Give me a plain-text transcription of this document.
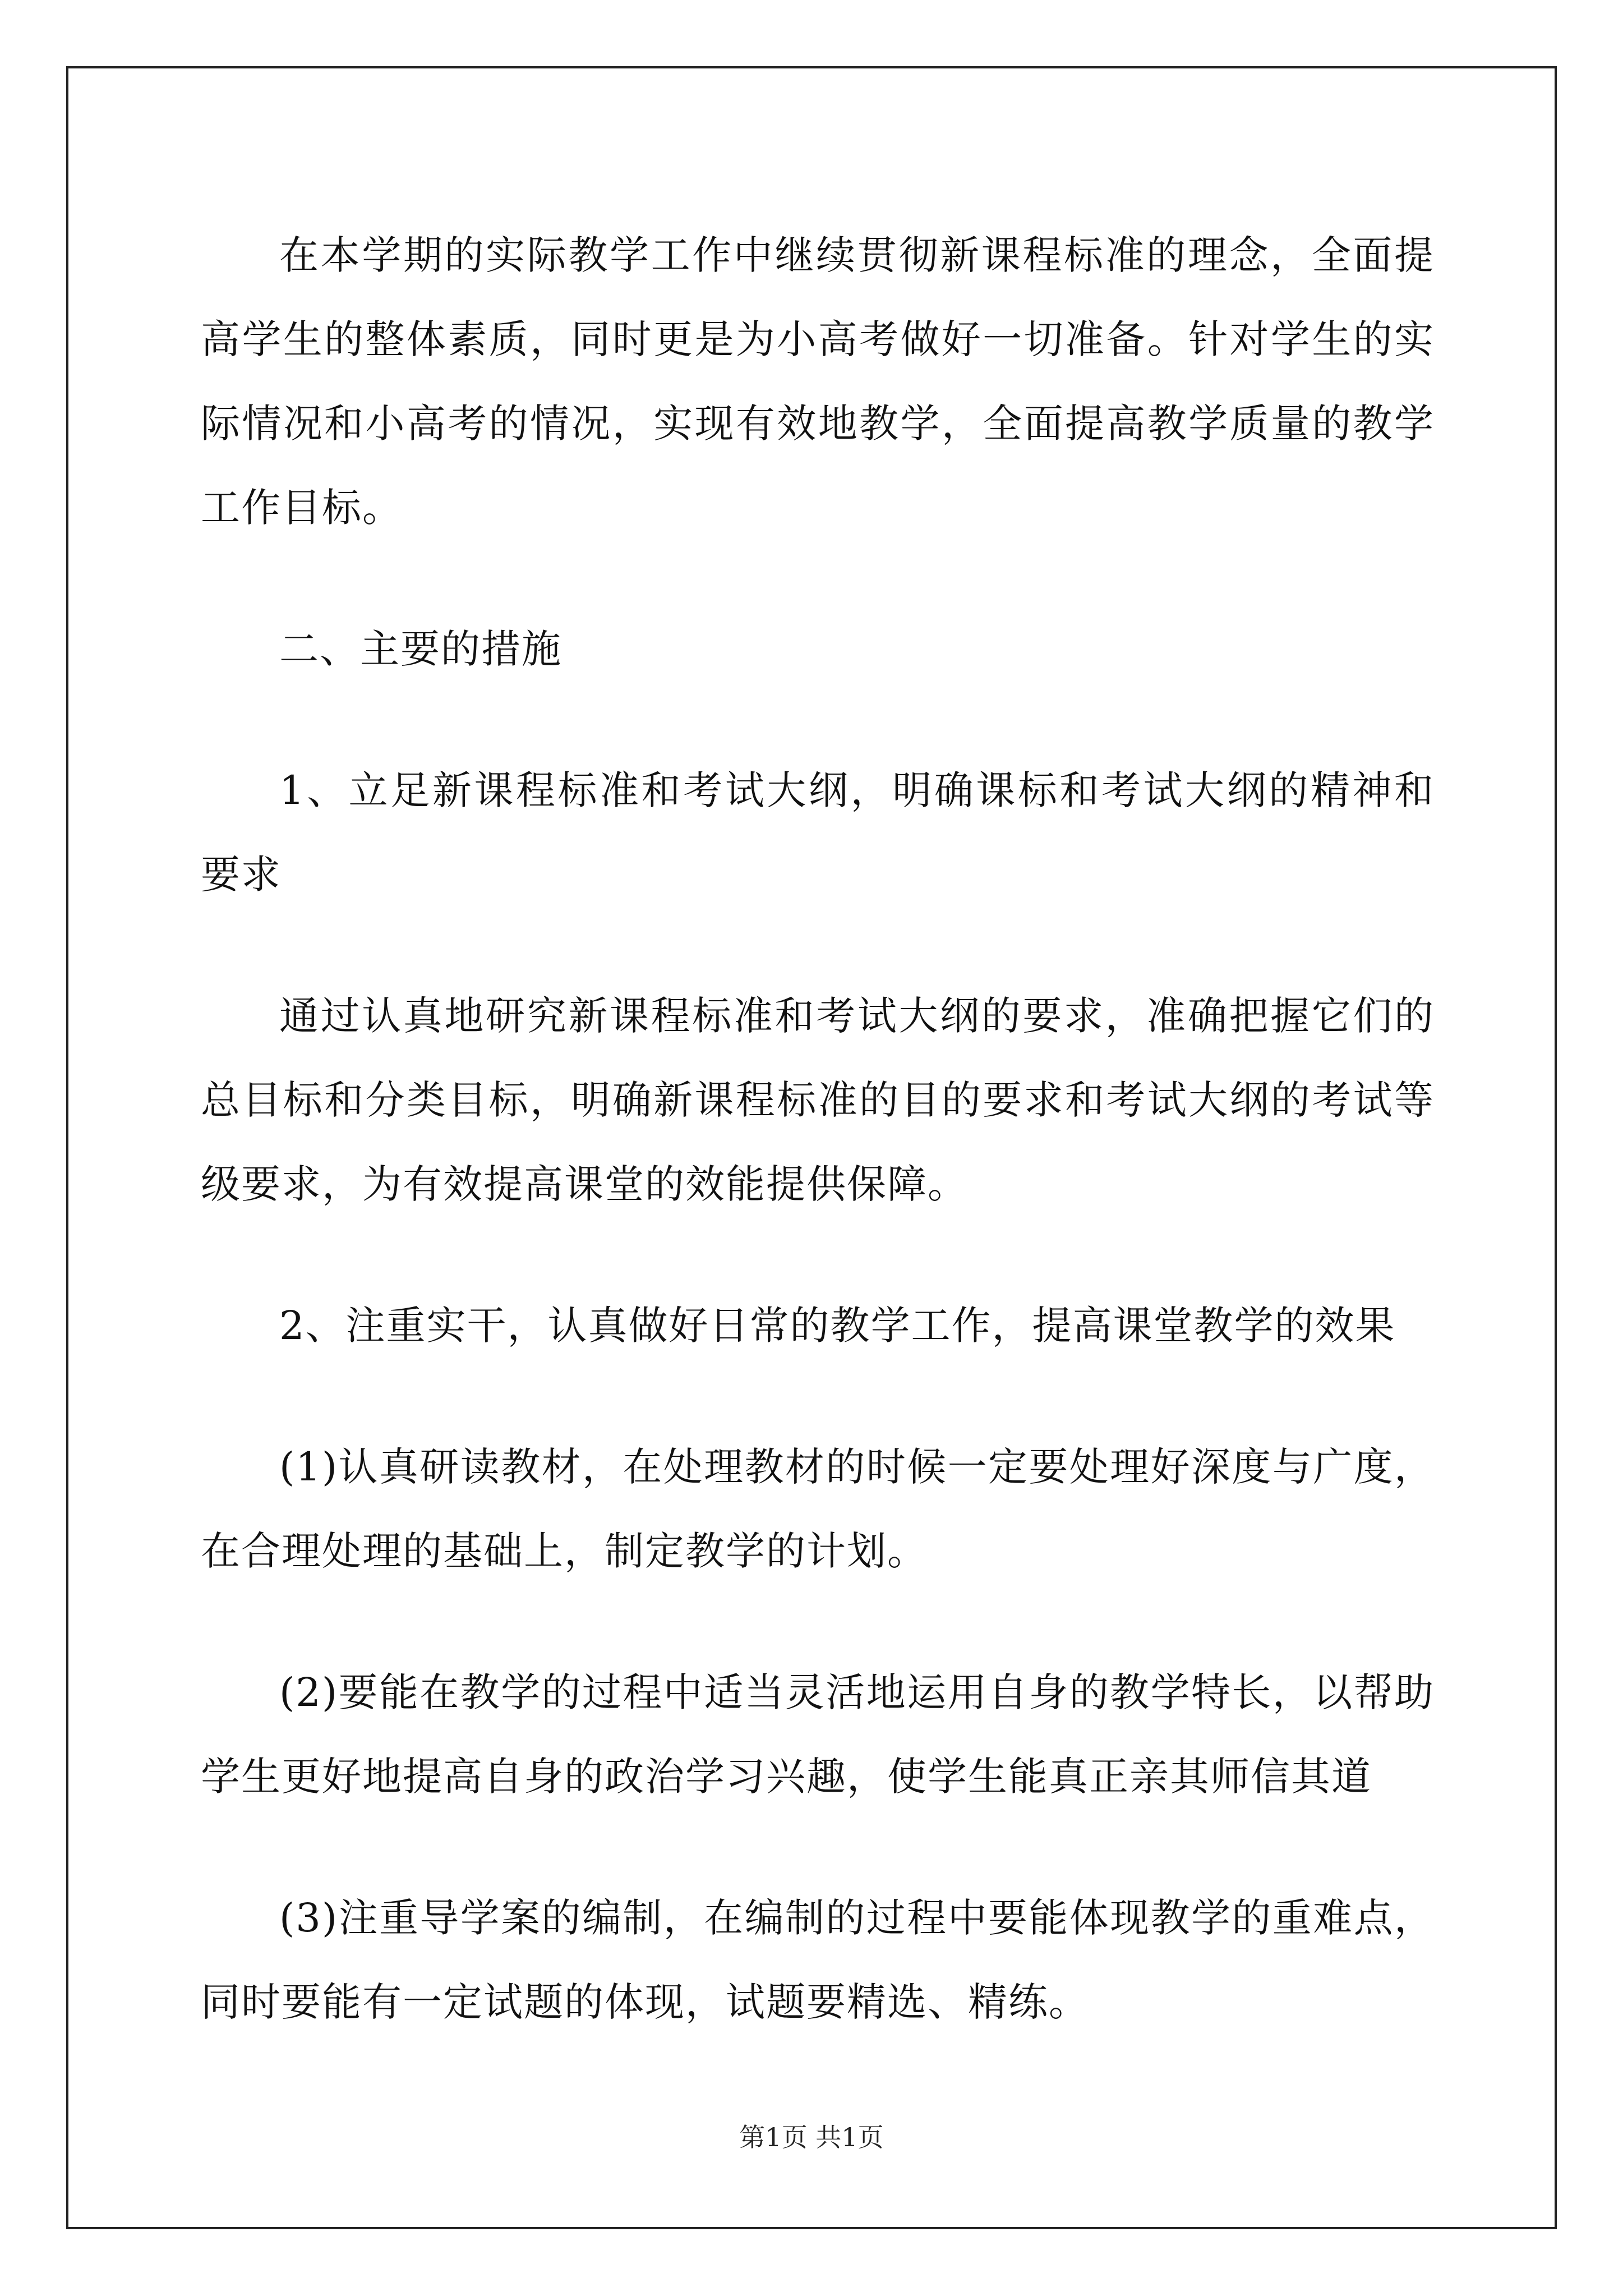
在本学期的实际教学工作中继续贯彻新课程标准的理念，全面提高学生的整体素质，同时更是为小高考做好一切准备。针对学生的实际情况和小高考的情况，实现有效地教学，全面提高教学质量的教学工作目标。

二、主要的措施

1、立足新课程标准和考试大纲，明确课标和考试大纲的精神和要求

通过认真地研究新课程标准和考试大纲的要求，准确把握它们的总目标和分类目标，明确新课程标准的目的要求和考试大纲的考试等级要求，为有效提高课堂的效能提供保障。

2、注重实干，认真做好日常的教学工作，提高课堂教学的效果

(1)认真研读教材，在处理教材的时候一定要处理好深度与广度，在合理处理的基础上，制定教学的计划。

(2)要能在教学的过程中适当灵活地运用自身的教学特长，以帮助学生更好地提高自身的政治学习兴趣，使学生能真正亲其师信其道

(3)注重导学案的编制，在编制的过程中要能体现教学的重难点，同时要能有一定试题的体现，试题要精选、精练。

第1页 共1页
